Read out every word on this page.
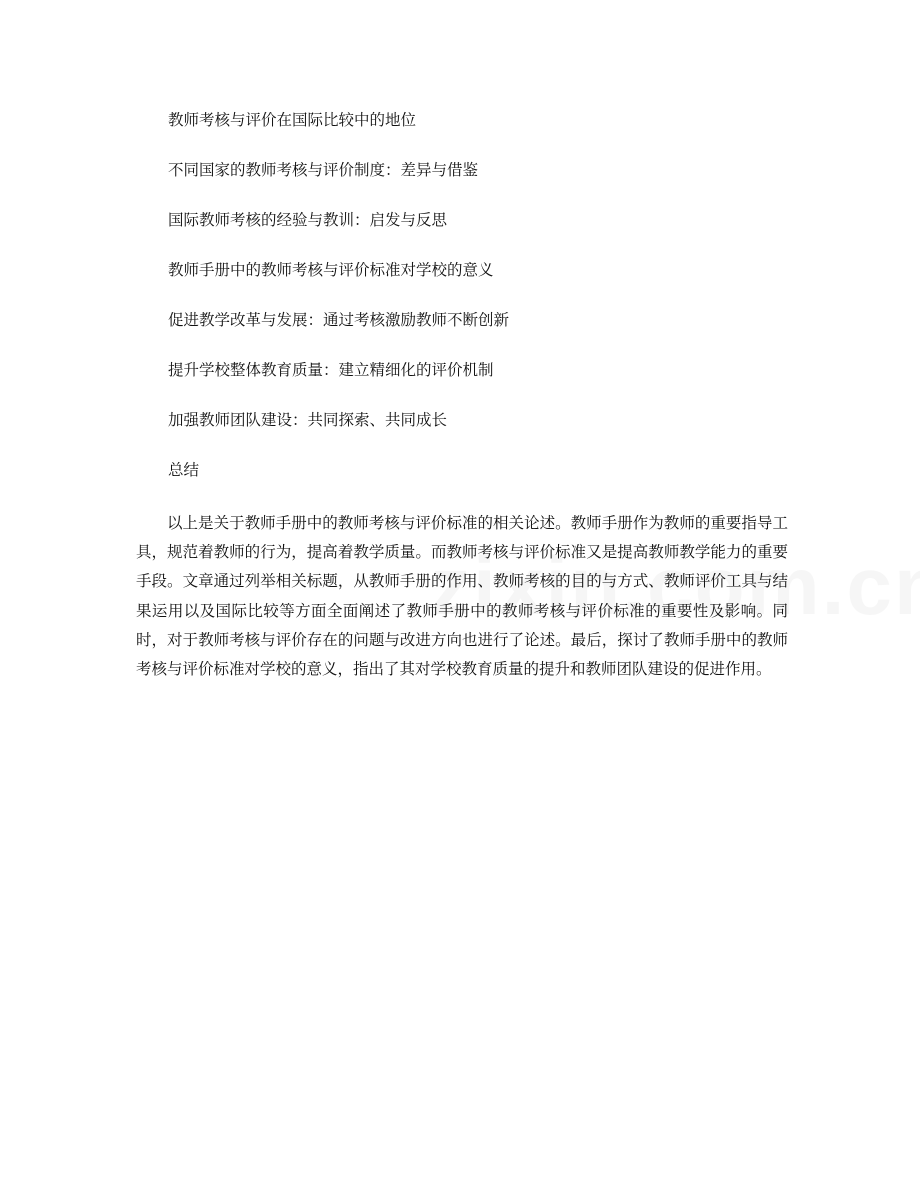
教师考核与评价在国际比较中的地位
不同国家的教师考核与评价制度：差异与借鉴
国际教师考核的经验与教训：启发与反思
教师手册中的教师考核与评价标准对学校的意义
促进教学改革与发展：通过考核激励教师不断创新
提升学校整体教育质量：建立精细化的评价机制
加强教师团队建设：共同探索、共同成长
总结

以上是关于教师手册中的教师考核与评价标准的相关论述。教师手册作为教师的重要指导工具，规范着教师的行为，提高着教学质量。而教师考核与评价标准又是提高教师教学能力的重要手段。文章通过列举相关标题，从教师手册的作用、教师考核的目的与方式、教师评价工具与结果运用以及国际比较等方面全面阐述了教师手册中的教师考核与评价标准的重要性及影响。同时，对于教师考核与评价存在的问题与改进方向也进行了论述。最后，探讨了教师手册中的教师考核与评价标准对学校的意义，指出了其对学校教育质量的提升和教师团队建设的促进作用。
